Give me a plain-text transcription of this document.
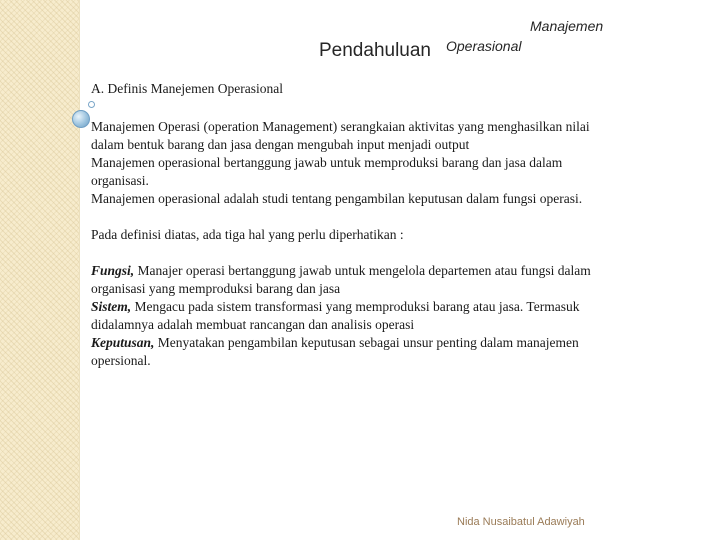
Manajemen
Pendahuluan Operasional

A. Definis Manejemen Operasional

Manajemen Operasi (operation Management) serangkaian aktivitas yang menghasilkan nilai

dalam bentuk barang dan jasa dengan mengubah input menjadi output

Manajemen operasional bertanggung jawab untuk memproduksi barang dan jasa dalam

organisasi.

Manajemen operasional adalah studi tentang pengambilan keputusan dalam fungsi operasi.

Pada definisi diatas, ada tiga hal yang perlu diperhatikan :

Fungsi, Manajer operasi bertanggung jawab untuk mengelola departemen atau fungsi dalam

organisasi yang memproduksi barang dan jasa

Sistem, Mengacu pada sistem transformasi yang memproduksi barang atau jasa. Termasuk

didalamnya adalah membuat rancangan dan analisis operasi

Keputusan, Menyatakan pengambilan keputusan sebagai unsur penting dalam manajemen

opersional.

Nida Nusaibatul Adawiyah
